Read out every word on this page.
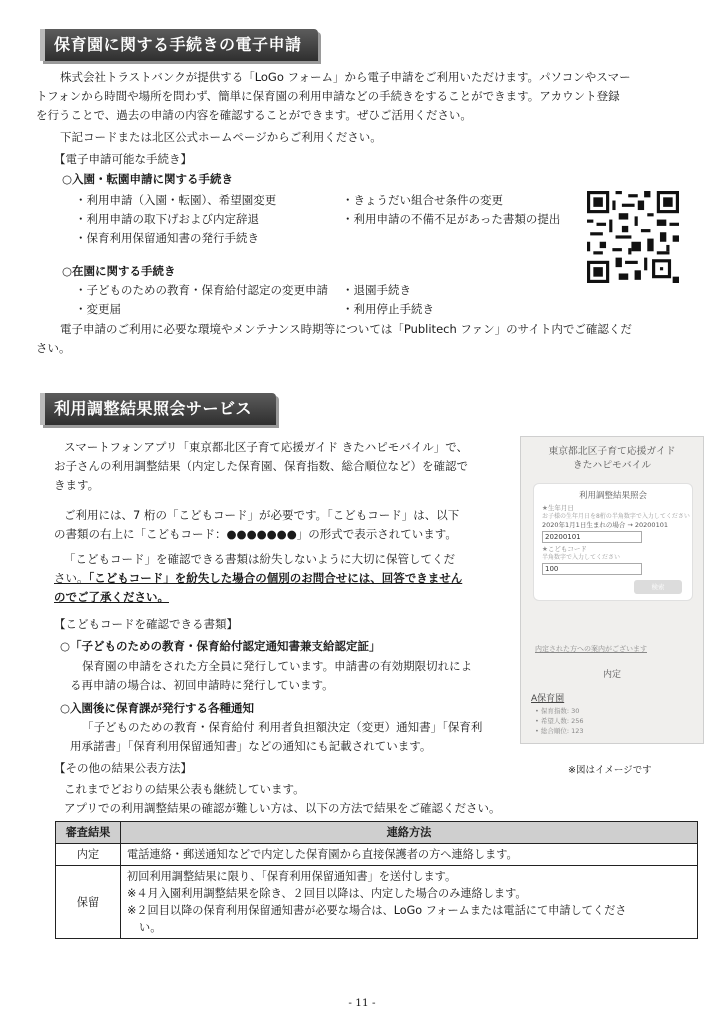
保育園に関する手続きの電子申請
株式会社トラストバンクが提供する「LoGo フォーム」から電子申請をご利用いただけます。パソコンやスマー
トフォンから時間や場所を問わず、簡単に保育園の利用申請などの手続きをすることができます。アカウント登録
を行うことで、過去の申請の内容を確認することができます。ぜひご活用ください。
下記コードまたは北区公式ホームページからご利用ください。
【電子申請可能な手続き】
○入園・転園申請に関する手続き
・利用申請（入園・転園）、希望園変更
・利用申請の取下げおよび内定辞退
・保育利用保留通知書の発行手続き
・きょうだい組合せ条件の変更
・利用申請の不備不足があった書類の提出
○在園に関する手続き
・子どものための教育・保育給付認定の変更申請
・変更届
・退園手続き
・利用停止手続き
電子申請のご利用に必要な環境やメンテナンス時期等については「Publitech ファン」のサイト内でご確認くだ
さい。
利用調整結果照会サービス
スマートフォンアプリ「東京都北区子育て応援ガイド きたハピモバイル」で、
お子さんの利用調整結果（内定した保育園、保育指数、総合順位など）を確認で
きます。
ご利用には、7 桁の「こどもコード」が必要です。「こどもコード」は、以下
の書類の右上に「こどもコード：●●●●●●●」の形式で表示されています。
「こどもコード」を確認できる書類は紛失しないように大切に保管してくだ
さい。「こどもコード」を紛失した場合の個別のお問合せには、回答できません
のでご了承ください。
【こどもコードを確認できる書類】
○「子どものための教育・保育給付認定通知書兼支給認定証」
保育園の申請をされた方全員に発行しています。申請書の有効期限切れによ
る再申請の場合は、初回申請時に発行しています。
○入園後に保育課が発行する各種通知
「子どものための教育・保育給付 利用者負担額決定（変更）通知書」「保育利
用承諾書」「保育利用保留通知書」などの通知にも記載されています。
【その他の結果公表方法】	※図はイメージです
これまでどおりの結果公表も継続しています。
アプリでの利用調整結果の確認が難しい方は、以下の方法で結果をご確認ください。
東京都北区子育て応援ガイド
きたハピモバイル
利用調整結果照会
★生年月日
お子様の生年月日を8桁の半角数字で入力してください
2020年1月1日生まれの場合 → 20200101
20200101
★こどもコード
半角数字で入力してください
100
検索
内定された方への案内がございます
内定
A保育園
• 保育指数: 30
• 希望人数: 256
• 総合順位: 123
審査結果	連絡方法
内定	電話連絡・郵送通知などで内定した保育園から直接保護者の方へ連絡します。
保留	初回利用調整結果に限り、「保育利用保留通知書」を送付します。
※４月入園利用調整結果を除き、２回目以降は、内定した場合のみ連絡します。
※２回目以降の保育利用保留通知書が必要な場合は、LoGo フォームまたは電話にて申請してくださ
い。
- 11 -
